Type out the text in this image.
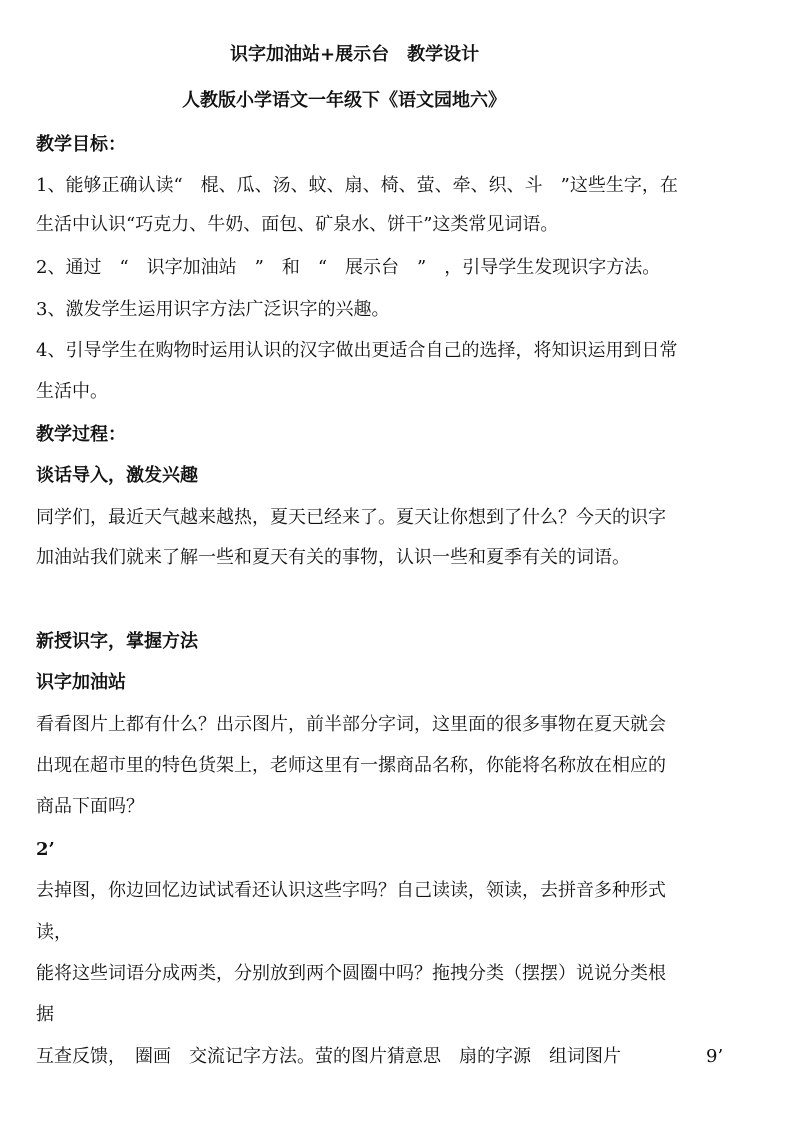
识字加油站+展示台　教学设计
人教版小学语文一年级下《语文园地六》
教学目标：
1、能够正确认读“　棍、瓜、汤、蚊、扇、椅、萤、牵、织、斗　”这些生字，在
生活中认识“巧克力、牛奶、面包、矿泉水、饼干”这类常见词语。
2、通过　“　识字加油站　”　和　“　展示台　”　，引导学生发现识字方法。
3、激发学生运用识字方法广泛识字的兴趣。
4、引导学生在购物时运用认识的汉字做出更适合自己的选择，将知识运用到日常
生活中。
教学过程：
谈话导入，激发兴趣
同学们，最近天气越来越热，夏天已经来了。夏天让你想到了什么？今天的识字
加油站我们就来了解一些和夏天有关的事物，认识一些和夏季有关的词语。
新授识字，掌握方法
识字加油站
看看图片上都有什么？出示图片，前半部分字词，这里面的很多事物在夏天就会
出现在超市里的特色货架上，老师这里有一摞商品名称，你能将名称放在相应的
商品下面吗？
2’
去掉图，你边回忆边试试看还认识这些字吗？自己读读，领读，去拼音多种形式
读，
能将这些词语分成两类，分别放到两个圆圈中吗？拖拽分类（摆摆）说说分类根
据
互查反馈，　圈画　交流记字方法。萤的图片猜意思　扇的字源　组词图片	9’
